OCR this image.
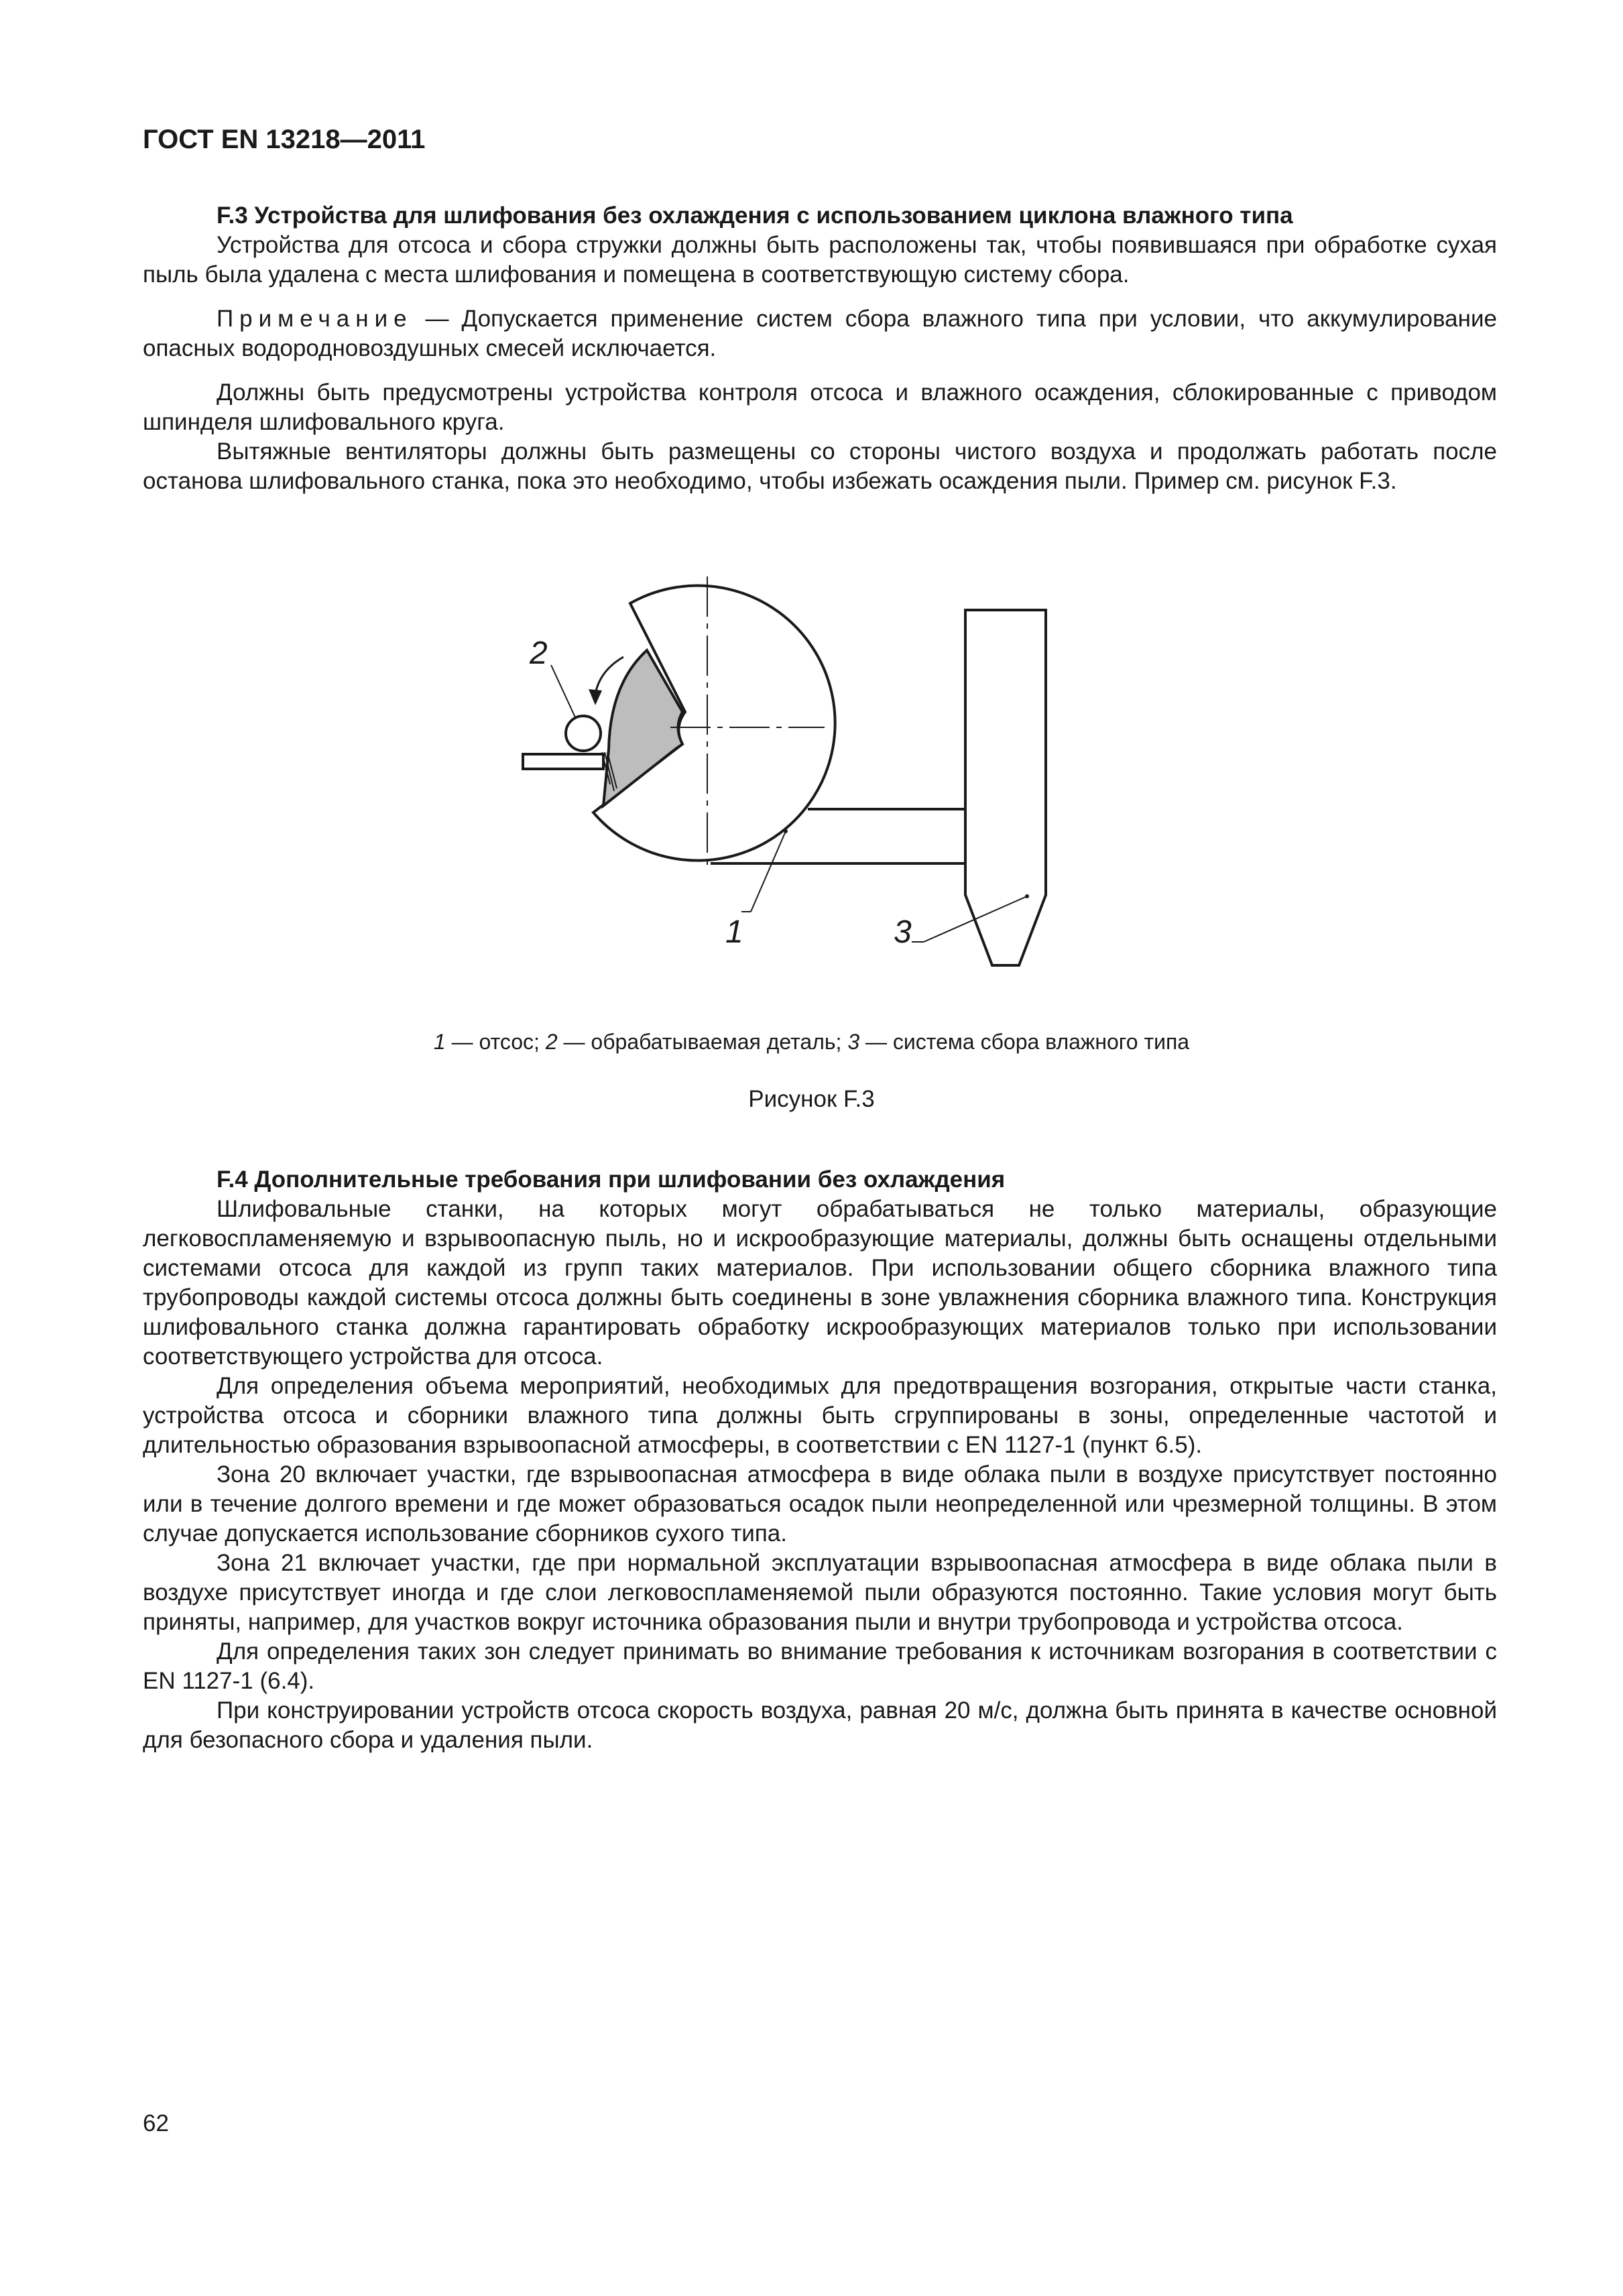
ГОСТ EN 13218—2011
F.3 Устройства для шлифования без охлаждения с использованием циклона влажного типа

Устройства для отсоса и сбора стружки должны быть расположены так, чтобы появившаяся при обработке сухая пыль была удалена с места шлифования и помещена в соответствующую систему сбора.

Примечание — Допускается применение систем сбора влажного типа при условии, что аккумулирование опасных водородновоздушных смесей исключается.

Должны быть предусмотрены устройства контроля отсоса и влажного осаждения, сблокированные с приводом шпинделя шлифовального круга.

Вытяжные вентиляторы должны быть размещены со стороны чистого воздуха и продолжать работать после останова шлифовального станка, пока это необходимо, чтобы избежать осаждения пыли. Пример см. рисунок F.3.

2
1	3
1 — отсос; 2 — обрабатываемая деталь; 3 — система сбора влажного типа
Рисунок F.3
F.4 Дополнительные требования при шлифовании без охлаждения

Шлифовальные станки, на которых могут обрабатываться не только материалы, образующие легковоспламеняемую и взрывоопасную пыль, но и искрообразующие материалы, должны быть оснащены отдельными системами отсоса для каждой из групп таких материалов. При использовании общего сборника влажного типа трубопроводы каждой системы отсоса должны быть соединены в зоне увлажнения сборника влажного типа. Конструкция шлифовального станка должна гарантировать обработку искрообразующих материалов только при использовании соответствующего устройства для отсоса.

Для определения объема мероприятий, необходимых для предотвращения возгорания, открытые части станка, устройства отсоса и сборники влажного типа должны быть сгруппированы в зоны, определенные частотой и длительностью образования взрывоопасной атмосферы, в соответствии с EN 1127-1 (пункт 6.5).

Зона 20 включает участки, где взрывоопасная атмосфера в виде облака пыли в воздухе присутствует постоянно или в течение долгого времени и где может образоваться осадок пыли неопределенной или чрезмерной толщины. В этом случае допускается использование сборников сухого типа.

Зона 21 включает участки, где при нормальной эксплуатации взрывоопасная атмосфера в виде облака пыли в воздухе присутствует иногда и где слои легковоспламеняемой пыли образуются постоянно. Такие условия могут быть приняты, например, для участков вокруг источника образования пыли и внутри трубопровода и устройства отсоса.

Для определения таких зон следует принимать во внимание требования к источникам возгорания в соответствии с EN 1127-1 (6.4).

При конструировании устройств отсоса скорость воздуха, равная 20 м/с, должна быть принята в качестве основной для безопасного сбора и удаления пыли.

62
